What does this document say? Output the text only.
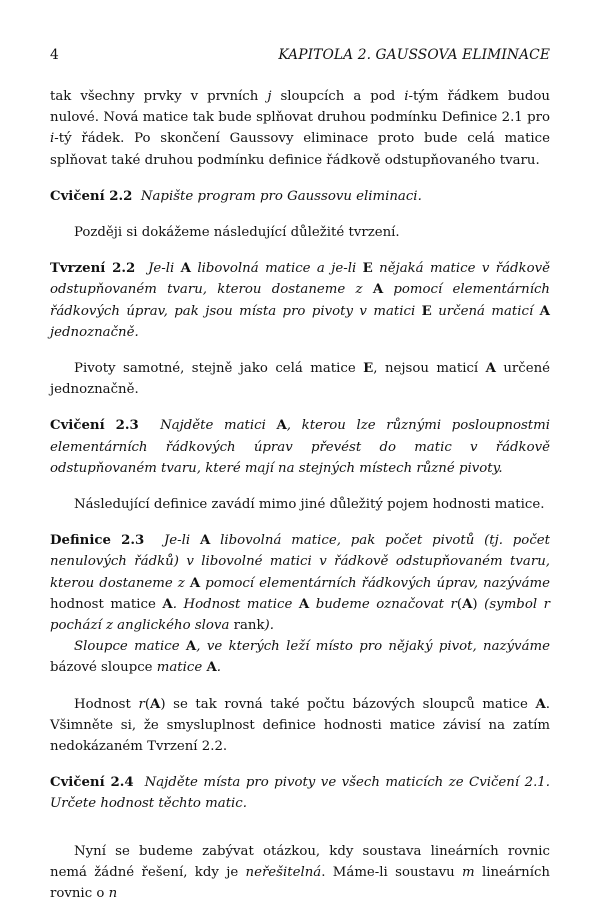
4	KAPITOLA 2. GAUSSOVA ELIMINACE

tak všechny prvky v prvních j sloupcích a pod i-tým řádkem budou nulové. Nová matice tak bude splňovat druhou podmínku Definice 2.1 pro i-tý řádek. Po skončení Gaussovy eliminace proto bude celá matice splňovat také druhou podmínku definice řádkově odstupňovaného tvaru.

Cvičení 2.2 Napište program pro Gaussovu eliminaci.

Později si dokážeme následující důležité tvrzení.

Tvrzení 2.2 Je-li A libovolná matice a je-li E nějaká matice v řádkově odstupňovaném tvaru, kterou dostaneme z A pomocí elementárních řádkových úprav, pak jsou místa pro pivoty v matici E určená maticí A jednoznačně.

Pivoty samotné, stejně jako celá matice E, nejsou maticí A určené jednoznačně.

Cvičení 2.3 Najděte matici A, kterou lze různými posloupnostmi elementárních řádkových úprav převést do matic v řádkově odstupňovaném tvaru, které mají na stejných místech různé pivoty.

Následující definice zavádí mimo jiné důležitý pojem hodnosti matice.

Definice 2.3 Je-li A libovolná matice, pak počet pivotů (tj. počet nenulových řádků) v libovolné matici v řádkově odstupňovaném tvaru, kterou dostaneme z A pomocí elementárních řádkových úprav, nazýváme hodnost matice A. Hodnost matice A budeme označovat r(A) (symbol r pochází z anglického slova rank).

Sloupce matice A, ve kterých leží místo pro nějaký pivot, nazýváme bázové sloupce matice A.

Hodnost r(A) se tak rovná také počtu bázových sloupců matice A. Všimněte si, že smysluplnost definice hodnosti matice závisí na zatím nedokázaném Tvrzení 2.2.

Cvičení 2.4 Najděte místa pro pivoty ve všech maticích ze Cvičení 2.1. Určete hodnost těchto matic.

Nyní se budeme zabývat otázkou, kdy soustava lineárních rovnic nemá žádné řešení, kdy je neřešitelná. Máme-li soustavu m lineárních rovnic o n
